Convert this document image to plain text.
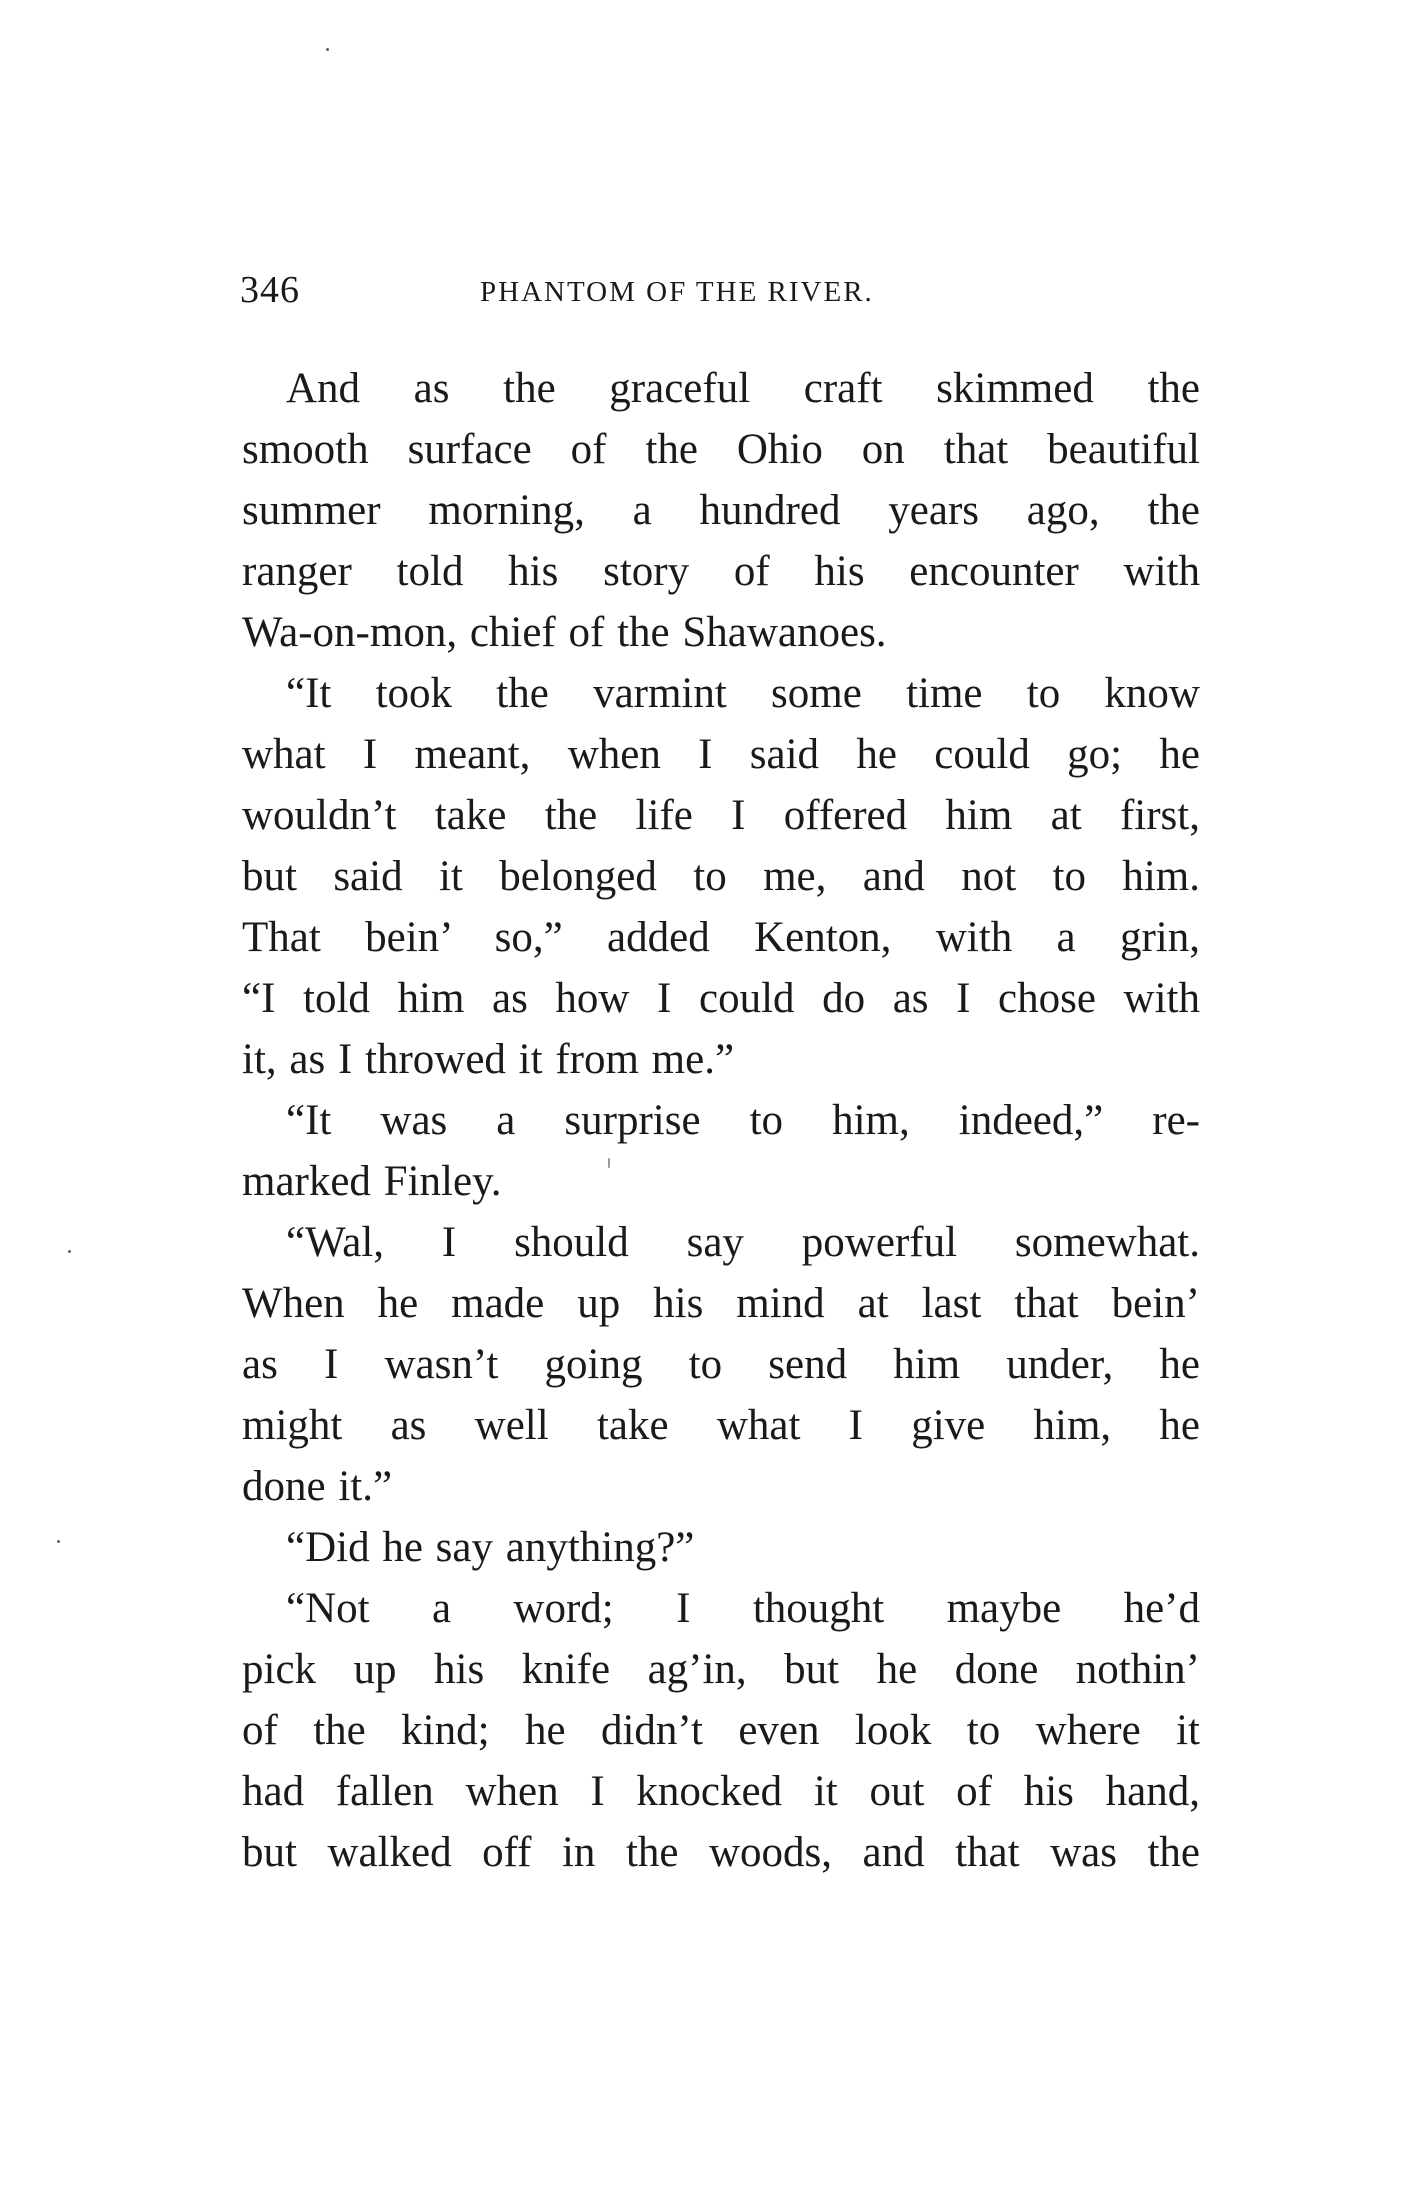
346	PHANTOM OF THE RIVER.
And as the graceful craft skimmed the
smooth surface of the Ohio on that beautiful
summer morning, a hundred years ago, the
ranger told his story of his encounter with
Wa-on-mon, chief of the Shawanoes.
“It took the varmint some time to know
what I meant, when I said he could go; he
wouldn’t take the life I offered him at first,
but said it belonged to me, and not to him.
That bein’ so,” added Kenton, with a grin,
“I told him as how I could do as I chose with
it, as I throwed it from me.”
“It was a surprise to him, indeed,” re-
marked Finley.
“Wal, I should say powerful somewhat.
When he made up his mind at last that bein’
as I wasn’t going to send him under, he
might as well take what I give him, he
done it.”
“Did he say anything?”
“Not a word; I thought maybe he’d
pick up his knife ag’in, but he done nothin’
of the kind; he didn’t even look to where it
had fallen when I knocked it out of his hand,
but walked off in the woods, and that was the
